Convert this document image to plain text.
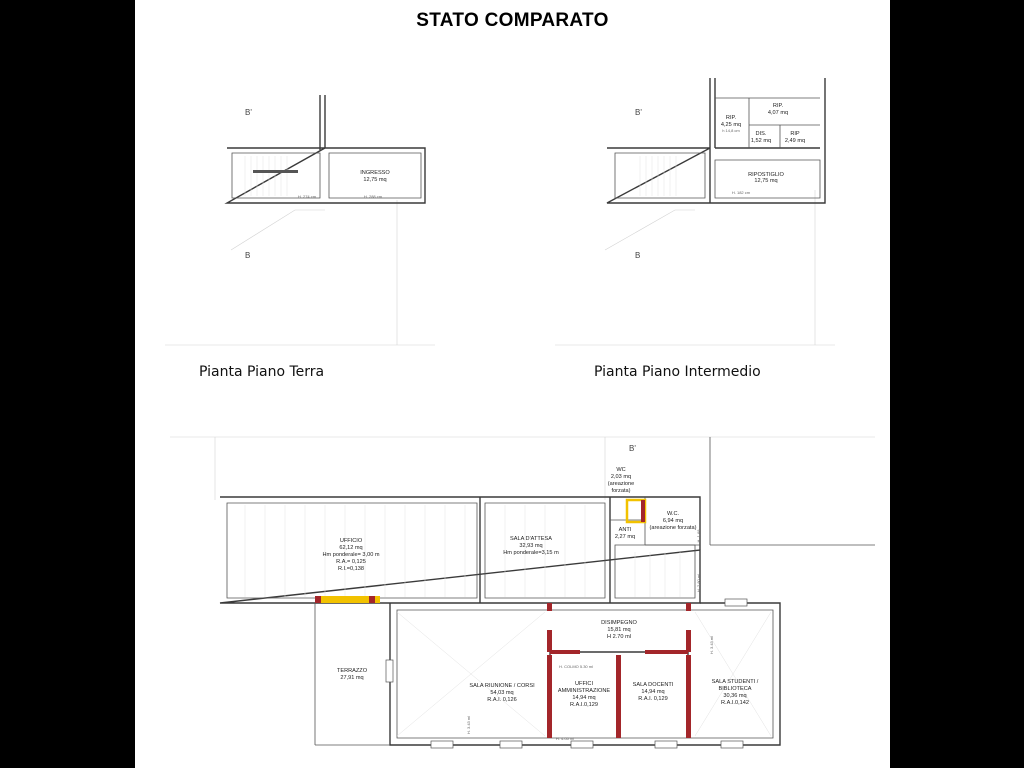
STATO COMPARATO
B'
B
INGRESSO
12,75 mq
H. 274 cm	H. 288 cm
B'
B
RIP.
4,25 mq
h 14,8 cm
RIP.
4,07 mq
DIS.
1,52 mq
RIP
2,49 mq
RIPOSTIGLIO
12,75 mq
H. 182 cm
B'
UFFICIO
62,12 mq
Hm ponderale= 3,00 m
R.A.= 0,125
R.I.=0,138
SALA D'ATTESA
32,93 mq
Hm ponderale=3,15 m
WC
2,03 mq
(areazione
forzata)
W.C.
6,94 mq
(areazione forzata)
ANTI
2,27 mq
DISIMPEGNO
15,81 mq
H 2.70 ml
TERRAZZO
27,91 mq
SALA RIUNIONE / CORSI
54,03 mq
R.A.I. 0,126
UFFICI
AMMINISTRAZIONE
14,94 mq
R.A.I.0,129
SALA DOCENTI
14,94 mq
R.A.I. 0,129
SALA STUDENTI /
BIBLIOTECA
30,36 mq
R.A.I.0,142
H. COLMO 5.30 ml
H. 4.05 ml
H. 3.43 ml
H. 3.43 ml
H. 2.80 ml
H. 1.68
Pianta Piano Terra	Pianta Piano Intermedio
